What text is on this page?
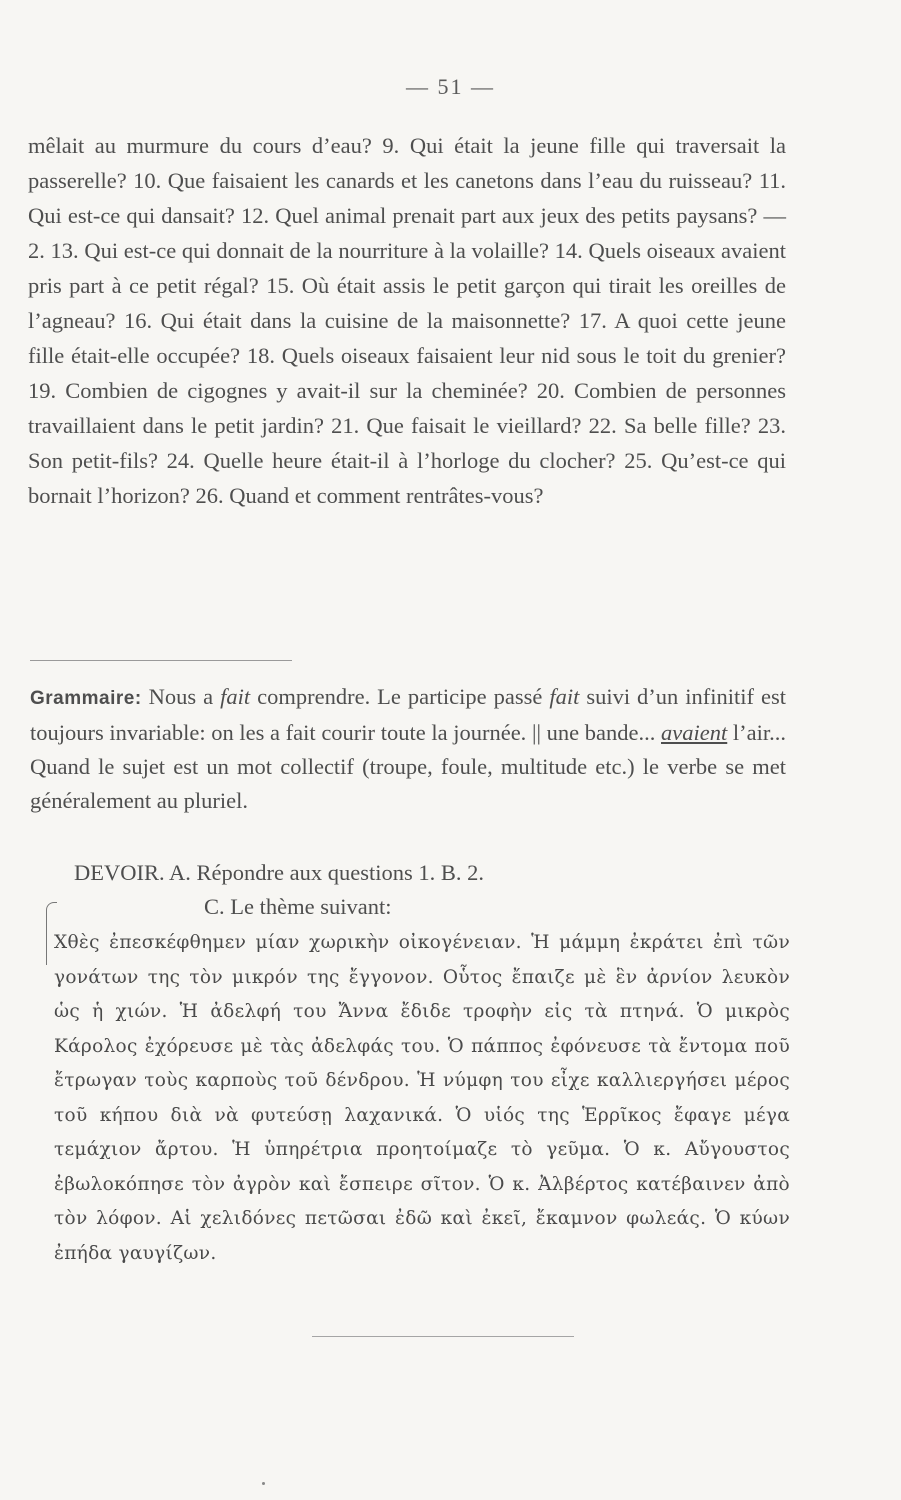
— 51 —
mêlait au murmure du cours d’eau? 9. Qui était la jeune fille qui traversait la passerelle? 10. Que faisaient les canards et les canetons dans l’eau du ruisseau? 11. Qui est-ce qui dansait? 12. Quel animal prenait part aux jeux des petits paysans? — 2. 13. Qui est-ce qui donnait de la nourriture à la volaille? 14. Quels oiseaux avaient pris part à ce petit régal? 15. Où était assis le petit garçon qui tirait les oreilles de l’agneau? 16. Qui était dans la cuisine de la maisonnette? 17. A quoi cette jeune fille était-elle occupée? 18. Quels oiseaux faisaient leur nid sous le toit du grenier? 19. Combien de cigognes y avait-il sur la cheminée? 20. Combien de personnes travaillaient dans le petit jardin? 21. Que faisait le vieillard? 22. Sa belle fille? 23. Son petit-fils? 24. Quelle heure était-il à l’horloge du clocher? 25. Qu’est-ce qui bornait l’horizon? 26. Quand et comment rentrâtes-vous?
Grammaire: Nous a fait comprendre. Le participe passé fait suivi d’un infinitif est toujours invariable: on les a fait courir toute la journée. || une bande... avaient l’air... Quand le sujet est un mot collectif (troupe, foule, multitude etc.) le verbe se met généralement au pluriel.
DEVOIR. A. Répondre aux questions 1. B. 2.
C. Le thème suivant:
Χθὲς ἐπεσκέφθημεν μίαν χωρικὴν οἰκογένειαν. Ἡ μάμμη ἐκράτει ἐπὶ τῶν γονάτων της τὸν μικρόν της ἔγγονον. Οὗτος ἔπαιζε μὲ ἓν ἀρνίον λευκὸν ὡς ἡ χιών. Ἡ ἀδελφή του Ἄννα ἔδιδε τροφὴν εἰς τὰ πτηνά. Ὁ μικρὸς Κάρολος ἐχόρευσε μὲ τὰς ἀδελφάς του. Ὁ πάππος ἐφόνευσε τὰ ἔντομα ποῦ ἔτρωγαν τοὺς καρποὺς τοῦ δένδρου. Ἡ νύμφη του εἶχε καλλιεργήσει μέρος τοῦ κήπου διὰ νὰ φυτεύσῃ λαχανικά. Ὁ υἱός της Ἑρρῖκος ἔφαγε μέγα τεμάχιον ἄρτου. Ἡ ὑπηρέτρια προητοίμαζε τὸ γεῦμα. Ὁ κ. Αὔγουστος ἐβωλοκόπησε τὸν ἀγρὸν καὶ ἔσπειρε σῖτον. Ὁ κ. Ἀλβέρτος κατέβαινεν ἀπὸ τὸν λόφον. Αἱ χελιδόνες πετῶσαι ἐδῶ καὶ ἐκεῖ, ἔκαμνον φωλεάς. Ὁ κύων ἐπήδα γαυγίζων.
